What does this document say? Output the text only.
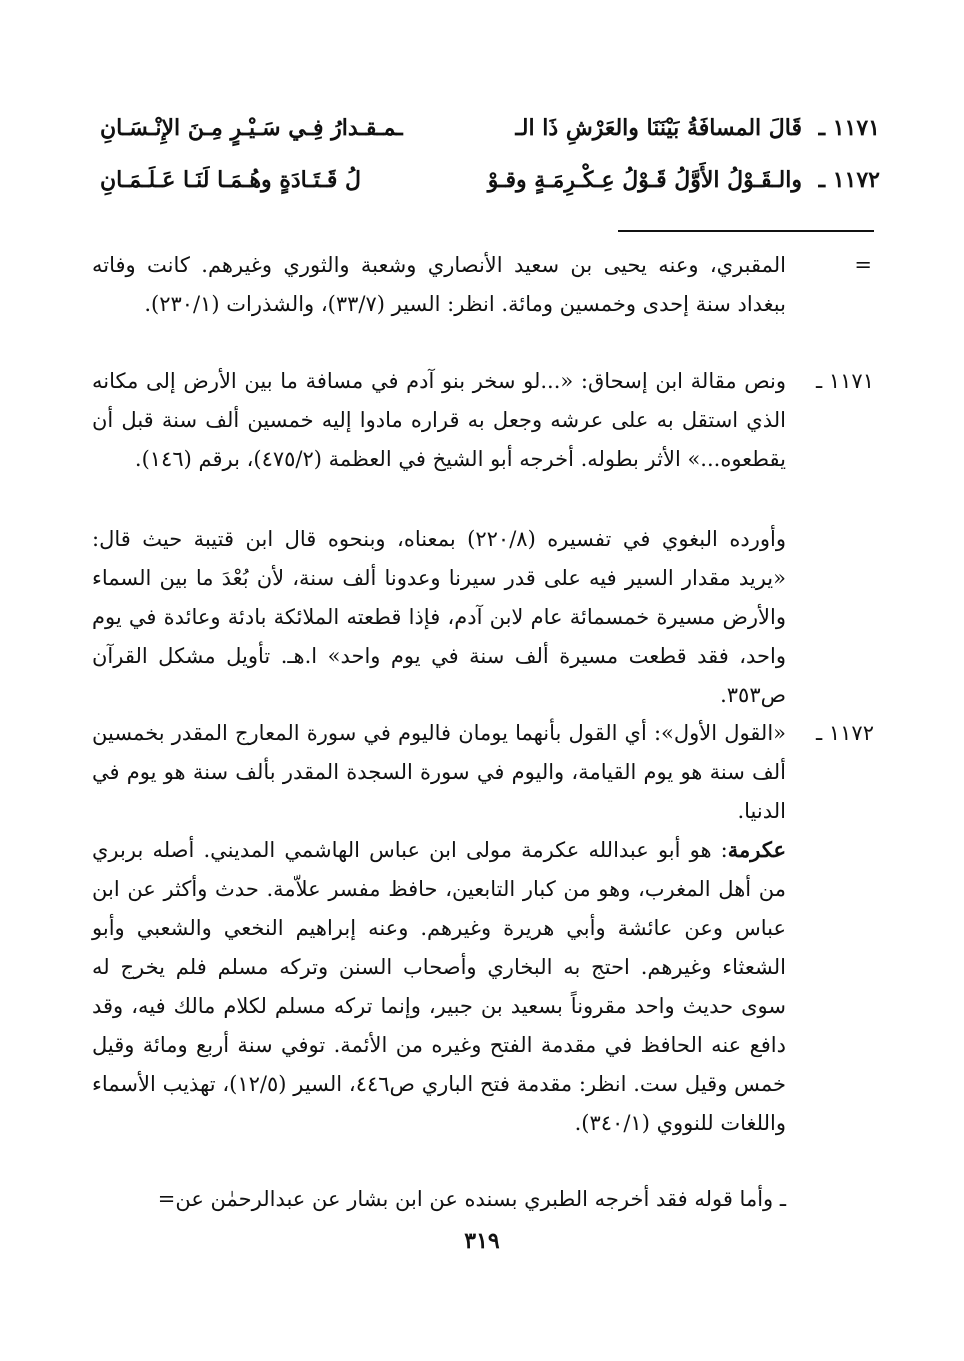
١١٧١ ـ
قَالَ المسافَةُ بَيْنَنَا والعَرْشِ ذَا الـ
ـمـقـدارُ فِـي سَـيْـرٍ مِـنَ الإِنْـسَـانِ
١١٧٢ ـ
والـقَـوْلُ الأَوَّلُ قَـوْلُ عِـكْـرِمَـةٍ وقـوْ
لُ قَـتَـادَةٍ وهُـمَـا لَنَـا عَـلَـمَـانِ
=
المقبري، وعنه يحيى بن سعيد الأنصاري وشعبة والثوري وغيرهم. كانت وفاته ببغداد سنة إحدى وخمسين ومائة. انظر: السير (٣٣/٧)، والشذرات (٢٣٠/١).
١١٧١ ـ
ونص مقالة ابن إسحاق: «...لو سخر بنو آدم في مسافة ما بين الأرض إلى مكانه الذي استقل به على عرشه وجعل به قراره مادوا إليه خمسين ألف سنة قبل أن يقطعوه...» الأثر بطوله. أخرجه أبو الشيخ في العظمة (٤٧٥/٢)، برقم (١٤٦).
وأورده البغوي في تفسيره (٢٢٠/٨) بمعناه، وبنحوه قال ابن قتيبة حيث قال: «يريد مقدار السير فيه على قدر سيرنا وعدونا ألف سنة، لأن بُعْدَ ما بين السماء والأرض مسيرة خمسمائة عام لابن آدم، فإذا قطعته الملائكة بادئة وعائدة في يوم واحد، فقد قطعت مسيرة ألف سنة في يوم واحد» ا.هـ. تأويل مشكل القرآن ص٣٥٣.
١١٧٢ ـ
«القول الأول»: أي القول بأنهما يومان فاليوم في سورة المعارج المقدر بخمسين ألف سنة هو يوم القيامة، واليوم في سورة السجدة المقدر بألف سنة هو يوم في الدنيا.
عكرمة: هو أبو عبدالله عكرمة مولى ابن عباس الهاشمي المديني. أصله بربري من أهل المغرب، وهو من كبار التابعين، حافظ مفسر علاّمة. حدث وأكثر عن ابن عباس وعن عائشة وأبي هريرة وغيرهم. وعنه إبراهيم النخعي والشعبي وأبو الشعثاء وغيرهم. احتج به البخاري وأصحاب السنن وتركه مسلم فلم يخرج له سوى حديث واحد مقروناً بسعيد بن جبير، وإنما تركه مسلم لكلام مالك فيه، وقد دافع عنه الحافظ في مقدمة الفتح وغيره من الأئمة. توفي سنة أربع ومائة وقيل خمس وقيل ست. انظر: مقدمة فتح الباري ص٤٤٦، السير (١٢/٥)، تهذيب الأسماء واللغات للنووي (٣٤٠/١).
ـ وأما قوله فقد أخرجه الطبري بسنده عن ابن بشار عن عبدالرحمٰن عن=
٣١٩
